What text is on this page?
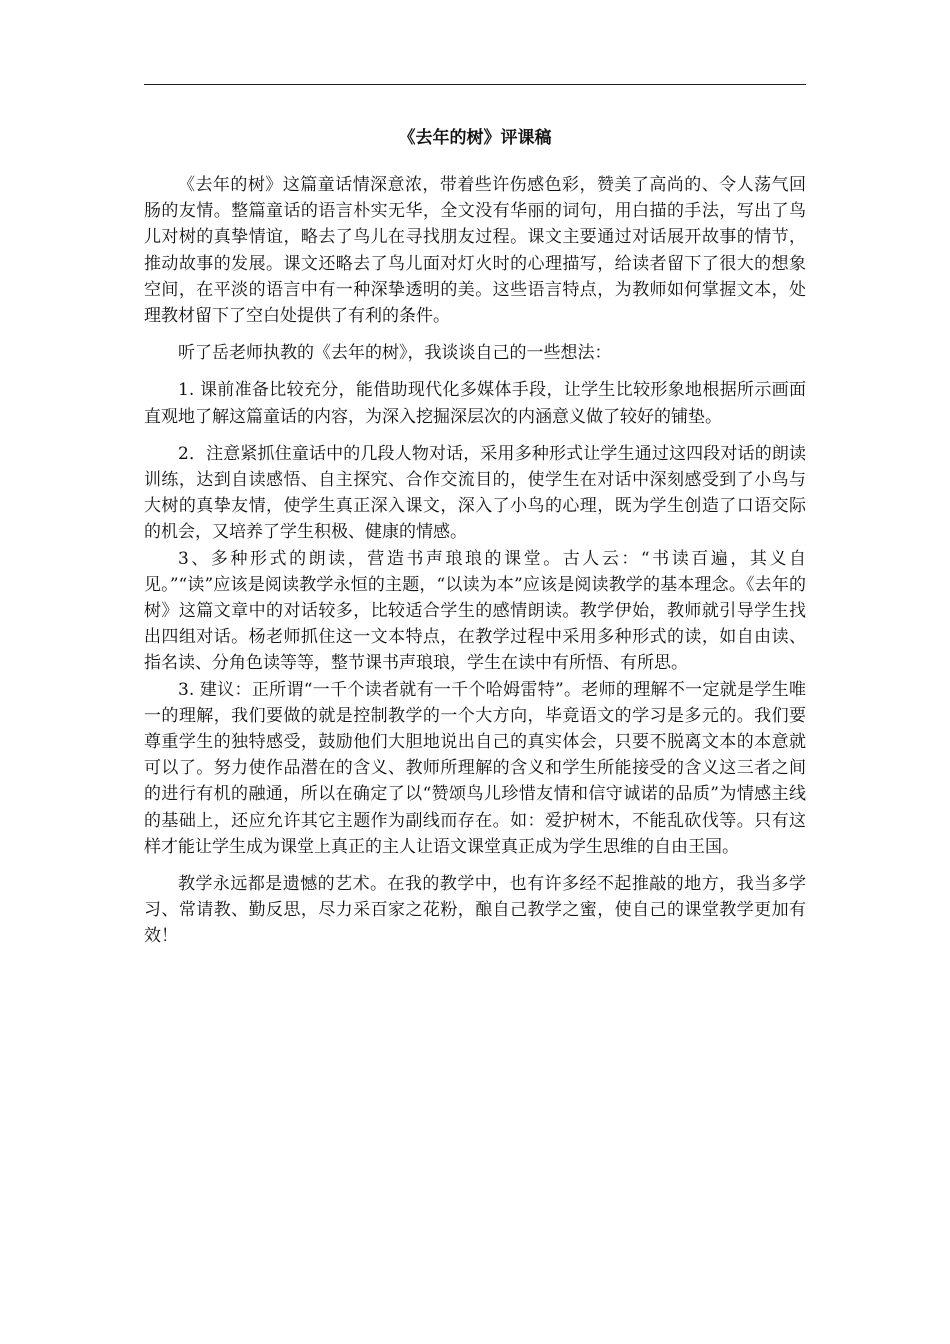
《去年的树》评课稿

《去年的树》这篇童话情深意浓，带着些许伤感色彩，赞美了高尚的、令人荡气回肠的友情。整篇童话的语言朴实无华，全文没有华丽的词句，用白描的手法，写出了鸟儿对树的真挚情谊，略去了鸟儿在寻找朋友过程。课文主要通过对话展开故事的情节，推动故事的发展。课文还略去了鸟儿面对灯火时的心理描写，给读者留下了很大的想象空间，在平淡的语言中有一种深挚透明的美。这些语言特点，为教师如何掌握文本，处理教材留下了空白处提供了有利的条件。

听了岳老师执教的《去年的树》，我谈谈自己的一些想法：

1. 课前准备比较充分，能借助现代化多媒体手段，让学生比较形象地根据所示画面直观地了解这篇童话的内容，为深入挖掘深层次的内涵意义做了较好的铺垫。

2．注意紧抓住童话中的几段人物对话，采用多种形式让学生通过这四段对话的朗读训练，达到自读感悟、自主探究、合作交流目的，使学生在对话中深刻感受到了小鸟与大树的真挚友情，使学生真正深入课文，深入了小鸟的心理，既为学生创造了口语交际的机会，又培养了学生积极、健康的情感。

3、多种形式的朗读，营造书声琅琅的课堂。古人云：“书读百遍，其义自见。”“读”应该是阅读教学永恒的主题，“以读为本”应该是阅读教学的基本理念。《去年的树》这篇文章中的对话较多，比较适合学生的感情朗读。教学伊始，教师就引导学生找出四组对话。杨老师抓住这一文本特点，在教学过程中采用多种形式的读，如自由读、指名读、分角色读等等，整节课书声琅琅，学生在读中有所悟、有所思。

3. 建议：正所谓“一千个读者就有一千个哈姆雷特”。老师的理解不一定就是学生唯一的理解，我们要做的就是控制教学的一个大方向，毕竟语文的学习是多元的。我们要尊重学生的独特感受，鼓励他们大胆地说出自己的真实体会，只要不脱离文本的本意就可以了。努力使作品潜在的含义、教师所理解的含义和学生所能接受的含义这三者之间的进行有机的融通，所以在确定了以“赞颂鸟儿珍惜友情和信守诚诺的品质”为情感主线的基础上，还应允许其它主题作为副线而存在。如：爱护树木，不能乱砍伐等。只有这样才能让学生成为课堂上真正的主人让语文课堂真正成为学生思维的自由王国。

教学永远都是遗憾的艺术。在我的教学中，也有许多经不起推敲的地方，我当多学习、常请教、勤反思，尽力采百家之花粉，酿自己教学之蜜，使自己的课堂教学更加有效！
